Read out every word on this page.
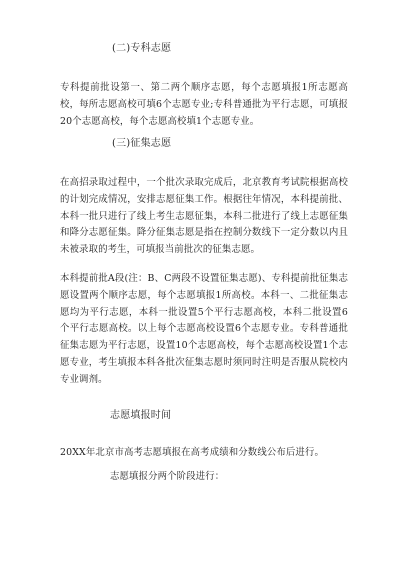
(二)专科志愿
专科提前批设第一、第二两个顺序志愿，每个志愿填报1所志愿高校，每所志愿高校可填6个志愿专业;专科普通批为平行志愿，可填报20个志愿高校，每个志愿高校填1个志愿专业。
(三)征集志愿
在高招录取过程中，一个批次录取完成后，北京教育考试院根据高校的计划完成情况，安排志愿征集工作。根据往年情况，本科提前批、本科一批只进行了线上考生志愿征集，本科二批进行了线上志愿征集和降分志愿征集。降分征集志愿是指在控制分数线下一定分数以内且未被录取的考生，可填报当前批次的征集志愿。
本科提前批A段(注：B、C两段不设置征集志愿)、专科提前批征集志愿设置两个顺序志愿，每个志愿填报1所高校。本科一、二批征集志愿均为平行志愿，本科一批设置5个平行志愿高校，本科二批设置6个平行志愿高校。以上每个志愿高校设置6个志愿专业。专科普通批征集志愿为平行志愿，设置10个志愿高校，每个志愿高校设置1个志愿专业，考生填报本科各批次征集志愿时须同时注明是否服从院校内专业调剂。
志愿填报时间
20XX年北京市高考志愿填报在高考成绩和分数线公布后进行。
志愿填报分两个阶段进行：
